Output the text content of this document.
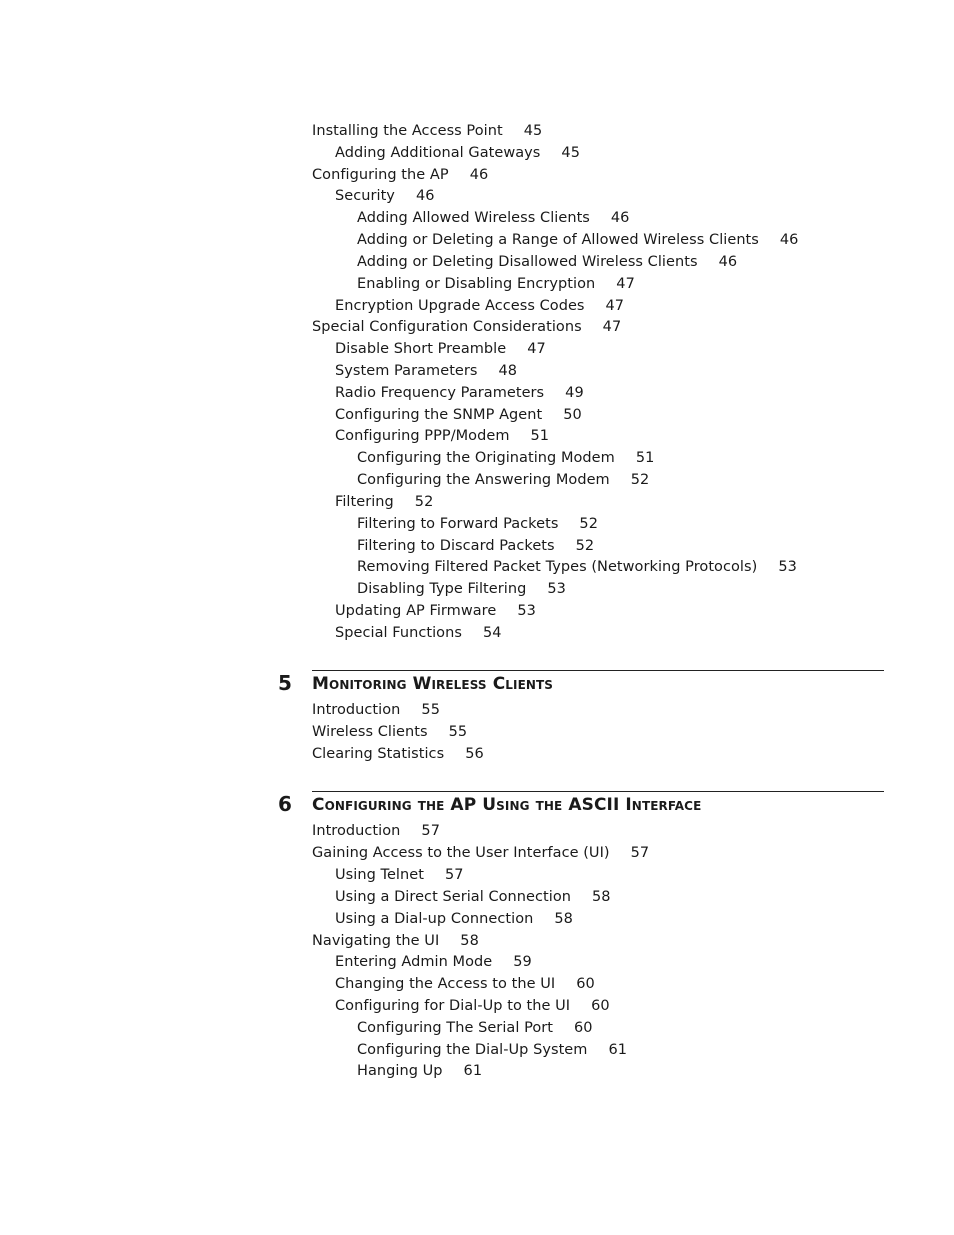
Installing the Access Point 45
Adding Additional Gateways 45
Configuring the AP 46
Security 46
Adding Allowed Wireless Clients 46
Adding or Deleting a Range of Allowed Wireless Clients 46
Adding or Deleting Disallowed Wireless Clients 46
Enabling or Disabling Encryption 47
Encryption Upgrade Access Codes 47
Special Configuration Considerations 47
Disable Short Preamble 47
System Parameters 48
Radio Frequency Parameters 49
Configuring the SNMP Agent 50
Configuring PPP/Modem 51
Configuring the Originating Modem 51
Configuring the Answering Modem 52
Filtering 52
Filtering to Forward Packets 52
Filtering to Discard Packets 52
Removing Filtered Packet Types (Networking Protocols) 53
Disabling Type Filtering 53
Updating AP Firmware 53
Special Functions 54
5 Monitoring Wireless Clients
Introduction 55
Wireless Clients 55
Clearing Statistics 56
6 Configuring the AP Using the ASCII Interface
Introduction 57
Gaining Access to the User Interface (UI) 57
Using Telnet 57
Using a Direct Serial Connection 58
Using a Dial-up Connection 58
Navigating the UI 58
Entering Admin Mode 59
Changing the Access to the UI 60
Configuring for Dial-Up to the UI 60
Configuring The Serial Port 60
Configuring the Dial-Up System 61
Hanging Up 61
